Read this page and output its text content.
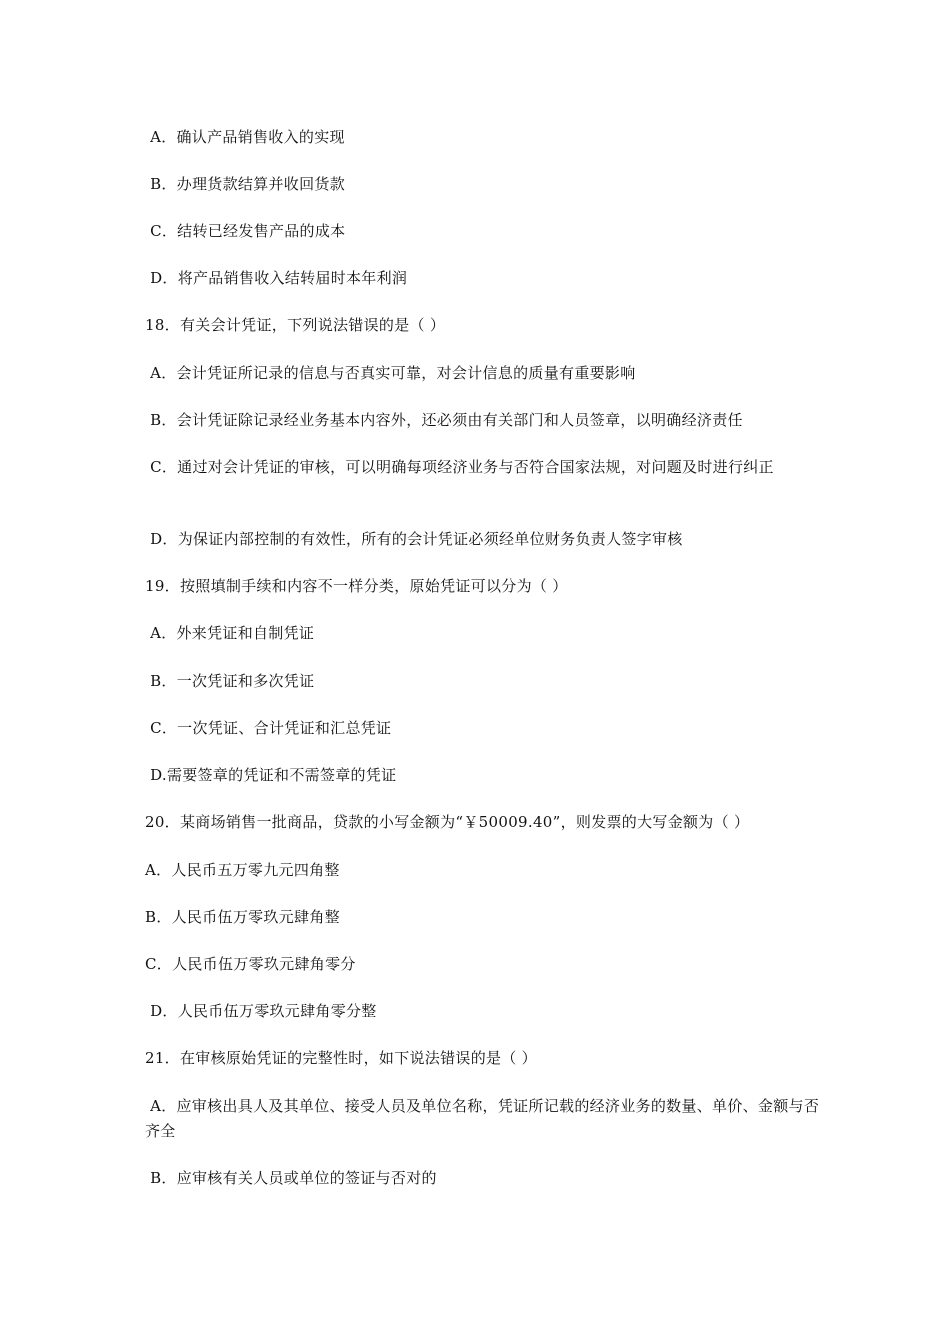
A．确认产品销售收入的实现
B．办理货款结算并收回货款
C．结转已经发售产品的成本
D．将产品销售收入结转届时本年利润
18．有关会计凭证，下列说法错误的是（ ）
A．会计凭证所记录的信息与否真实可靠，对会计信息的质量有重要影响
B．会计凭证除记录经业务基本内容外，还必须由有关部门和人员签章，以明确经济责任
C．通过对会计凭证的审核，可以明确每项经济业务与否符合国家法规，对问题及时进行纠正
D．为保证内部控制的有效性，所有的会计凭证必须经单位财务负责人签字审核
19．按照填制手续和内容不一样分类，原始凭证可以分为（ ）
A．外来凭证和自制凭证
B．一次凭证和多次凭证
C．一次凭证、合计凭证和汇总凭证
D.需要签章的凭证和不需签章的凭证
20．某商场销售一批商品，贷款的小写金额为“￥50009.40”，则发票的大写金额为（ ）
A．人民币五万零九元四角整
B．人民币伍万零玖元肆角整
C．人民币伍万零玖元肆角零分
D．人民币伍万零玖元肆角零分整
21．在审核原始凭证的完整性时，如下说法错误的是（ ）
A．应审核出具人及其单位、接受人员及单位名称，凭证所记载的经济业务的数量、单价、金额与否齐全
B．应审核有关人员或单位的签证与否对的
